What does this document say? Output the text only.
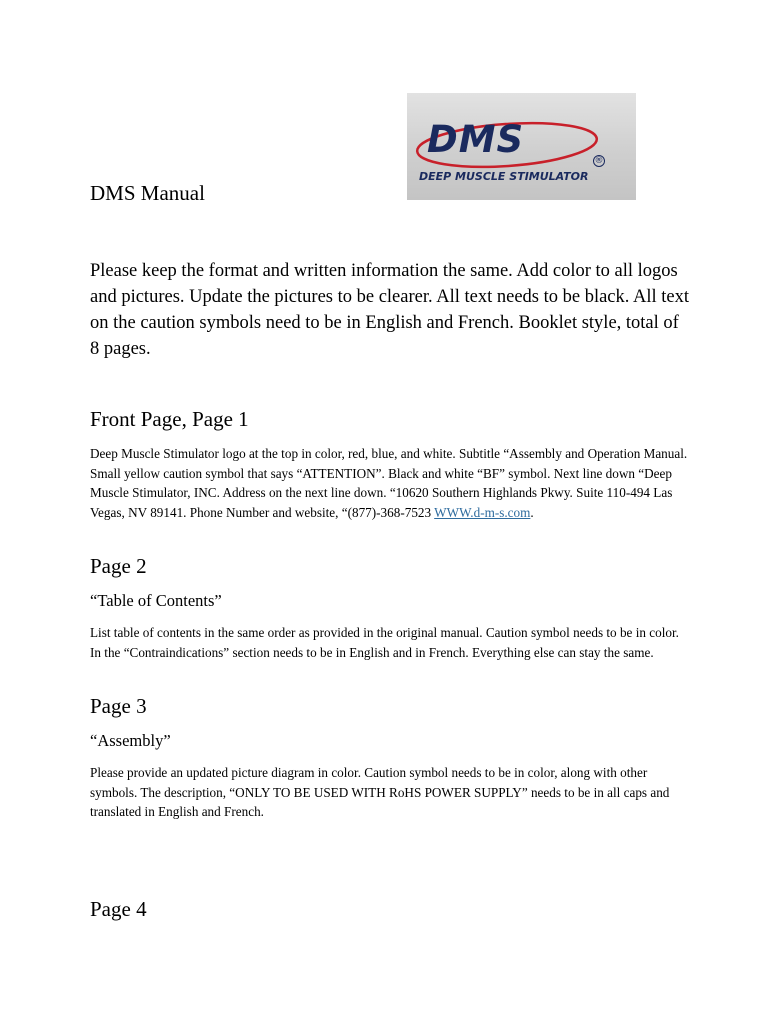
DMS	®
DEEP MUSCLE STIMULATOR
DMS Manual
Please keep the format and written information the same. Add color to all logos and pictures. Update the pictures to be clearer. All text needs to be black. All text on the caution symbols need to be in English and French. Booklet style, total of 8 pages.
Front Page, Page 1
Deep Muscle Stimulator logo at the top in color, red, blue, and white. Subtitle “Assembly and Operation Manual. Small yellow caution symbol that says “ATTENTION”. Black and white “BF” symbol. Next line down “Deep Muscle Stimulator, INC. Address on the next line down. “10620 Southern Highlands Pkwy. Suite 110-494 Las Vegas, NV 89141. Phone Number and website, “(877)-368-7523 WWW.d-m-s.com.
Page 2
“Table of Contents”
List table of contents in the same order as provided in the original manual. Caution symbol needs to be in color. In the “Contraindications” section needs to be in English and in French. Everything else can stay the same.
Page 3
“Assembly”
Please provide an updated picture diagram in color. Caution symbol needs to be in color, along with other symbols. The description, “ONLY TO BE USED WITH RoHS POWER SUPPLY” needs to be in all caps and translated in English and French.
Page 4
